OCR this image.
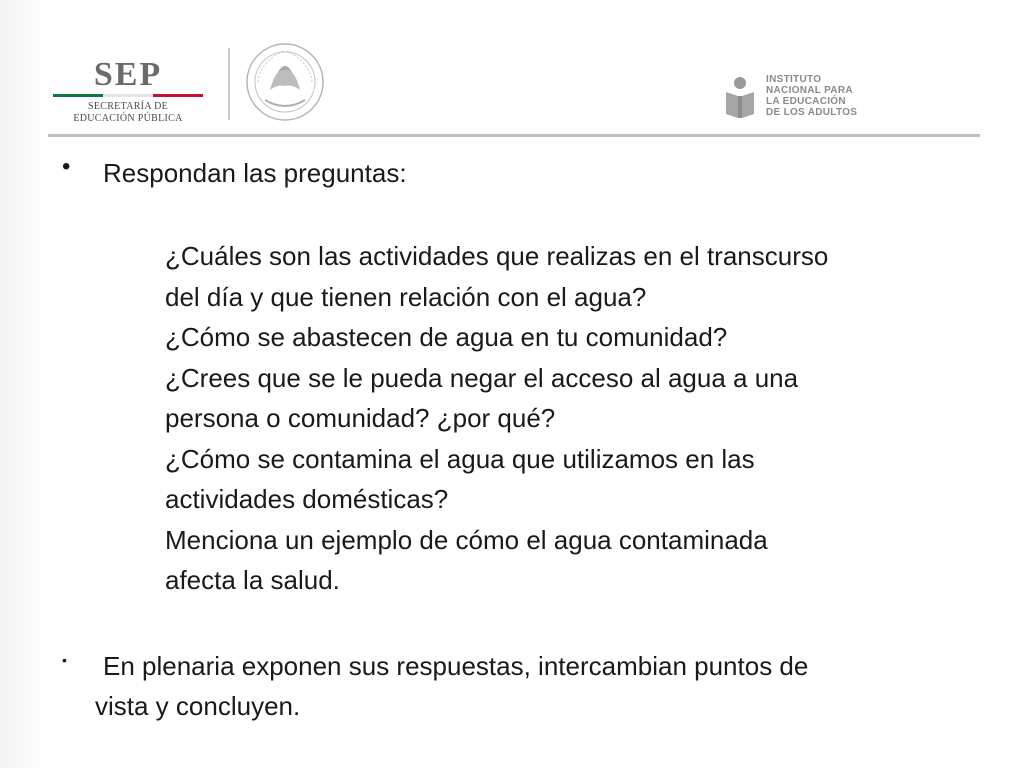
SEP
SECRETARÍA DE
EDUCACIÓN PÚBLICA
INSTITUTO
NACIONAL PARA
LA EDUCACIÓN
DE LOS ADULTOS
• Respondan las preguntas:
¿Cuáles son las actividades que realizas en el transcurso
del día y que tienen relación con el agua?
¿Cómo se abastecen de agua en tu comunidad?
¿Crees que se le pueda negar el acceso al agua a una
persona o comunidad? ¿por qué?
¿Cómo se contamina el agua que utilizamos en las
actividades domésticas?
Menciona un ejemplo de cómo el agua contaminada
afecta la salud.
• En plenaria exponen sus respuestas, intercambian puntos de
vista y concluyen.
